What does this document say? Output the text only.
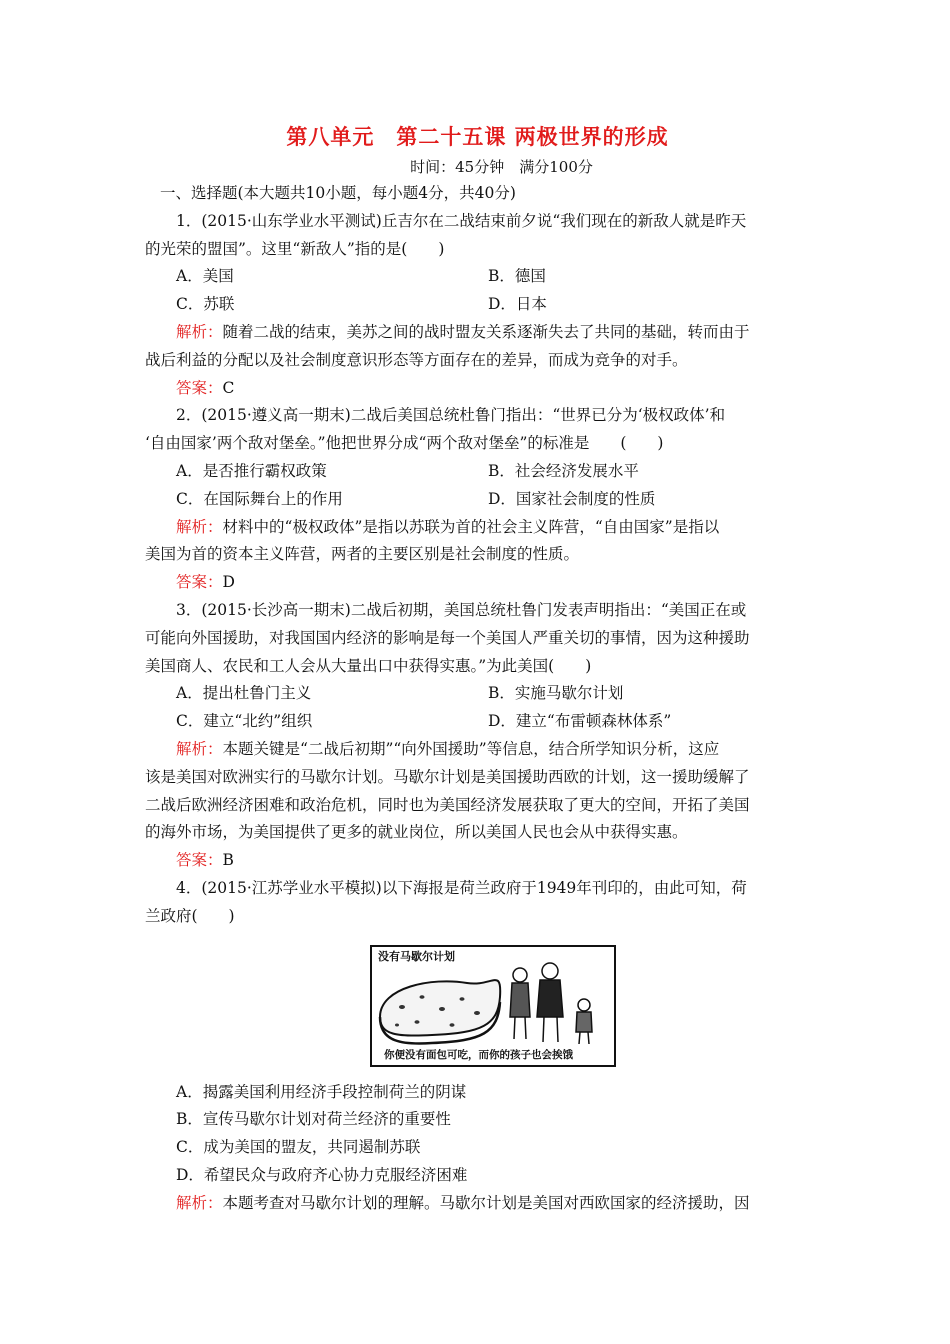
第八单元　第二十五课 两极世界的形成
时间：45分钟　满分100分
一、选择题(本大题共10小题，每小题4分，共40分)
1．(2015·山东学业水平测试)丘吉尔在二战结束前夕说“我们现在的新敌人就是昨天
的光荣的盟国”。这里“新敌人”指的是(　　)
A．美国	B．德国
C．苏联	D．日本
解析：随着二战的结束，美苏之间的战时盟友关系逐渐失去了共同的基础，转而由于
战后利益的分配以及社会制度意识形态等方面存在的差异，而成为竞争的对手。
答案：C
2．(2015·遵义高一期末)二战后美国总统杜鲁门指出：“世界已分为‘极权政体’和
‘自由国家’两个敌对堡垒。”他把世界分成“两个敌对堡垒”的标准是　　(　　)
A．是否推行霸权政策	B．社会经济发展水平
C．在国际舞台上的作用	D．国家社会制度的性质
解析：材料中的“极权政体”是指以苏联为首的社会主义阵营，“自由国家”是指以
美国为首的资本主义阵营，两者的主要区别是社会制度的性质。
答案：D
3．(2015·长沙高一期末)二战后初期，美国总统杜鲁门发表声明指出：“美国正在或
可能向外国援助，对我国国内经济的影响是每一个美国人严重关切的事情，因为这种援助
美国商人、农民和工人会从大量出口中获得实惠。”为此美国(　　)
A．提出杜鲁门主义	B．实施马歇尔计划
C．建立“北约”组织	D．建立“布雷顿森林体系”
解析：本题关键是“二战后初期”“向外国援助”等信息，结合所学知识分析，这应
该是美国对欧洲实行的马歇尔计划。马歇尔计划是美国援助西欧的计划，这一援助缓解了
二战后欧洲经济困难和政治危机，同时也为美国经济发展获取了更大的空间，开拓了美国
的海外市场，为美国提供了更多的就业岗位，所以美国人民也会从中获得实惠。
答案：B
4．(2015·江苏学业水平模拟)以下海报是荷兰政府于1949年刊印的，由此可知，荷
兰政府(　　)
没有马歇尔计划
你便没有面包可吃，而你的孩子也会挨饿
A．揭露美国利用经济手段控制荷兰的阴谋
B．宣传马歇尔计划对荷兰经济的重要性
C．成为美国的盟友，共同遏制苏联
D．希望民众与政府齐心协力克服经济困难
解析：本题考查对马歇尔计划的理解。马歇尔计划是美国对西欧国家的经济援助，因
